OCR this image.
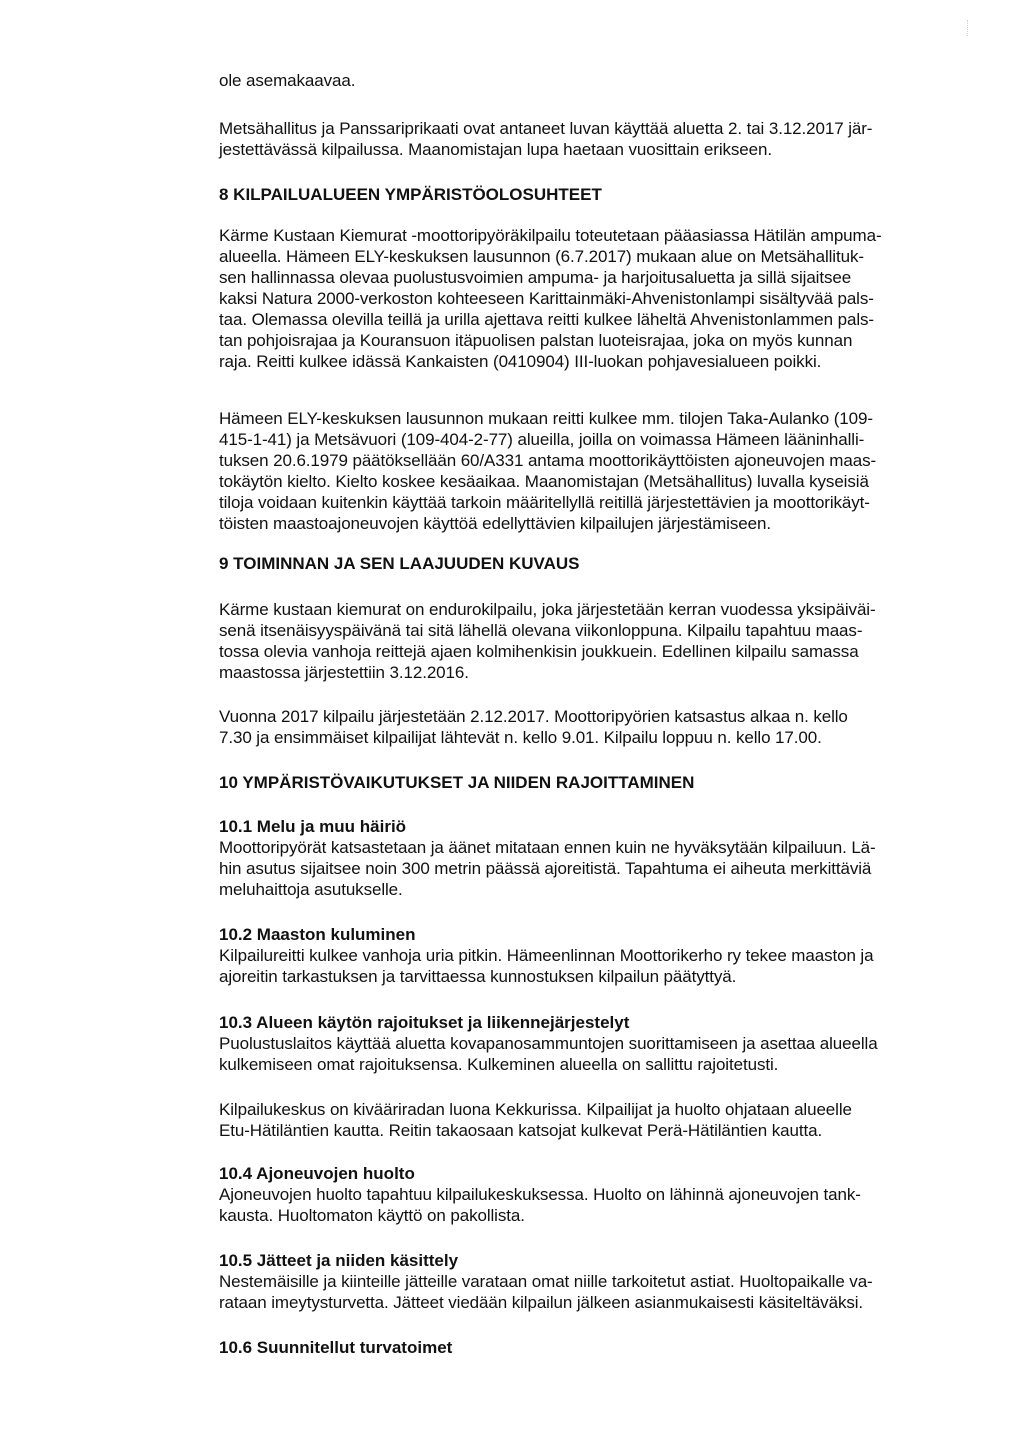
ole asemakaavaa.

Metsähallitus ja Panssariprikaati ovat antaneet luvan käyttää aluetta 2. tai 3.12.2017 jär-

jestettävässä kilpailussa. Maanomistajan lupa haetaan vuosittain erikseen.

8 KILPAILUALUEEN YMPÄRISTÖOLOSUHTEET

Kärme Kustaan Kiemurat -moottoripyöräkilpailu toteutetaan pääasiassa Hätilän ampuma-

alueella. Hämeen ELY-keskuksen lausunnon (6.7.2017) mukaan alue on Metsähallituk-

sen hallinnassa olevaa puolustusvoimien ampuma- ja harjoitusaluetta ja sillä sijaitsee

kaksi Natura 2000-verkoston kohteeseen Karittainmäki-Ahvenistonlampi sisältyvää pals-

taa. Olemassa olevilla teillä ja urilla ajettava reitti kulkee läheltä Ahvenistonlammen pals-

tan pohjoisrajaa ja Kouransuon itäpuolisen palstan luoteisrajaa, joka on myös kunnan

raja. Reitti kulkee idässä Kankaisten (0410904) III-luokan pohjavesialueen poikki.

Hämeen ELY-keskuksen lausunnon mukaan reitti kulkee mm. tilojen Taka-Aulanko (109-

415-1-41) ja Metsävuori (109-404-2-77) alueilla, joilla on voimassa Hämeen lääninhalli-

tuksen 20.6.1979 päätöksellään 60/A331 antama moottorikäyttöisten ajoneuvojen maas-

tokäytön kielto. Kielto koskee kesäaikaa. Maanomistajan (Metsähallitus) luvalla kyseisiä

tiloja voidaan kuitenkin käyttää tarkoin määritellyllä reitillä järjestettävien ja moottorikäyt-

töisten maastoajoneuvojen käyttöä edellyttävien kilpailujen järjestämiseen.

9 TOIMINNAN JA SEN LAAJUUDEN KUVAUS

Kärme kustaan kiemurat on endurokilpailu, joka järjestetään kerran vuodessa yksipäiväi-

senä itsenäisyyspäivänä tai sitä lähellä olevana viikonloppuna. Kilpailu tapahtuu maas-

tossa olevia vanhoja reittejä ajaen kolmihenkisin joukkuein. Edellinen kilpailu samassa

maastossa järjestettiin 3.12.2016.

Vuonna 2017 kilpailu järjestetään 2.12.2017. Moottoripyörien katsastus alkaa n. kello

7.30 ja ensimmäiset kilpailijat lähtevät n. kello 9.01. Kilpailu loppuu n. kello 17.00.

10 YMPÄRISTÖVAIKUTUKSET JA NIIDEN RAJOITTAMINEN

10.1 Melu ja muu häiriö

Moottoripyörät katsastetaan ja äänet mitataan ennen kuin ne hyväksytään kilpailuun. Lä-

hin asutus sijaitsee noin 300 metrin päässä ajoreitistä. Tapahtuma ei aiheuta merkittäviä

meluhaittoja asutukselle.

10.2 Maaston kuluminen

Kilpailureitti kulkee vanhoja uria pitkin. Hämeenlinnan Moottorikerho ry tekee maaston ja

ajoreitin tarkastuksen ja tarvittaessa kunnostuksen kilpailun päätyttyä.

10.3 Alueen käytön rajoitukset ja liikennejärjestelyt

Puolustuslaitos käyttää aluetta kovapanosammuntojen suorittamiseen ja asettaa alueella

kulkemiseen omat rajoituksensa. Kulkeminen alueella on sallittu rajoitetusti.

Kilpailukeskus on kivääriradan luona Kekkurissa. Kilpailijat ja huolto ohjataan alueelle

Etu-Hätiläntien kautta. Reitin takaosaan katsojat kulkevat Perä-Hätiläntien kautta.

10.4 Ajoneuvojen huolto

Ajoneuvojen huolto tapahtuu kilpailukeskuksessa. Huolto on lähinnä ajoneuvojen tank-

kausta. Huoltomaton käyttö on pakollista.

10.5 Jätteet ja niiden käsittely

Nestemäisille ja kiinteille jätteille varataan omat niille tarkoitetut astiat. Huoltopaikalle va-

rataan imeytysturvetta. Jätteet viedään kilpailun jälkeen asianmukaisesti käsiteltäväksi.

10.6 Suunnitellut turvatoimet
